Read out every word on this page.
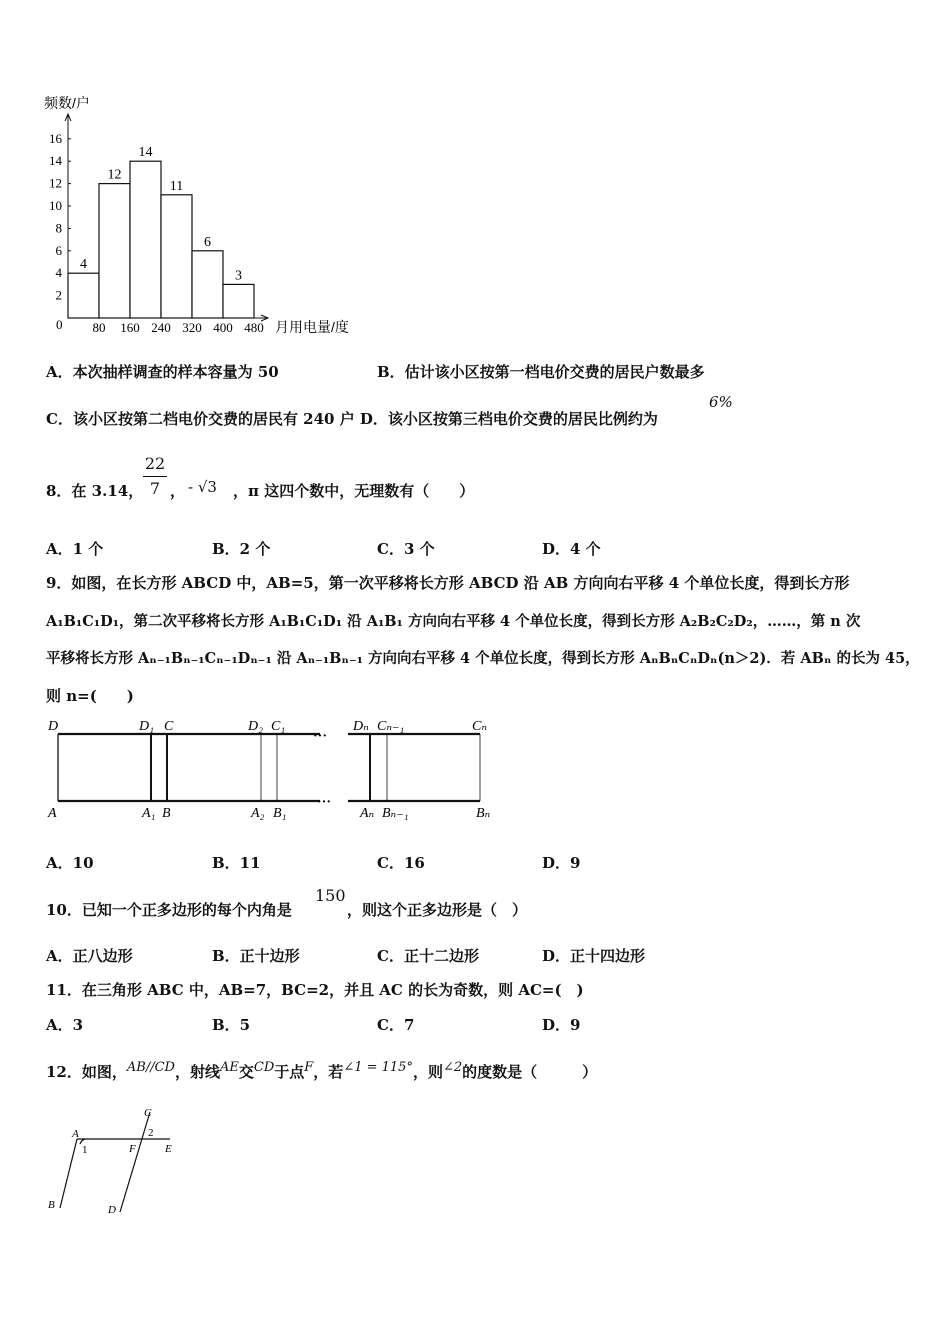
2
4
6
8
10
12
14
16
80 160 240 320 400 480
4
12
14
11
6
3
频数/户
月用电量/度
0
A．本次抽样调查的样本容量为 50	B．估计该小区按第一档电价交费的居民户数最多
C．该小区按第二档电价交费的居民有 240 户 D．该小区按第三档电价交费的居民比例约为
6%
8．在 3.14， $\frac{22}{7}$ ， - √3 ，π 这四个数中，无理数有（　　）
A．1 个	B．2 个	C．3 个	D．4 个
9．如图，在长方形 ABCD 中，AB=5，第一次平移将长方形 ABCD 沿 AB 方向向右平移 4 个单位长度，得到长方形
A₁B₁C₁D₁，第二次平移将长方形 A₁B₁C₁D₁ 沿 A₁B₁ 方向向右平移 4 个单位长度，得到长方形 A₂B₂C₂D₂，……，第 n 次
平移将长方形 Aₙ₋₁Bₙ₋₁Cₙ₋₁Dₙ₋₁ 沿 Aₙ₋₁Bₙ₋₁ 方向向右平移 4 个单位长度，得到长方形 AₙBₙCₙDₙ(n＞2)．若 ABₙ 的长为 45，
则 n=(　　)
D	D₁ C	D₂ C₁
···
Dₙ Cₙ₋₁	Cₙ
A	A₁ B	A₂ B₁
···
Aₙ Bₙ₋₁	Bₙ
A．10	B．11	C．16	D．9
10．已知一个正多边形的每个内角是
150
，则这个正多边形是（　）
A．正八边形	B．正十边形	C．正十二边形	D．正十四边形
11．在三角形 ABC 中，AB=7，BC=2，并且 AC 的长为奇数，则 AC=(　)
A．3	B．5	C．7	D．9
12．如图，AB//CD，射线AE交CD于点F，若∠1 = 115°，则∠2的度数是（　　　）
C
A	2
1	F	E
B	D
